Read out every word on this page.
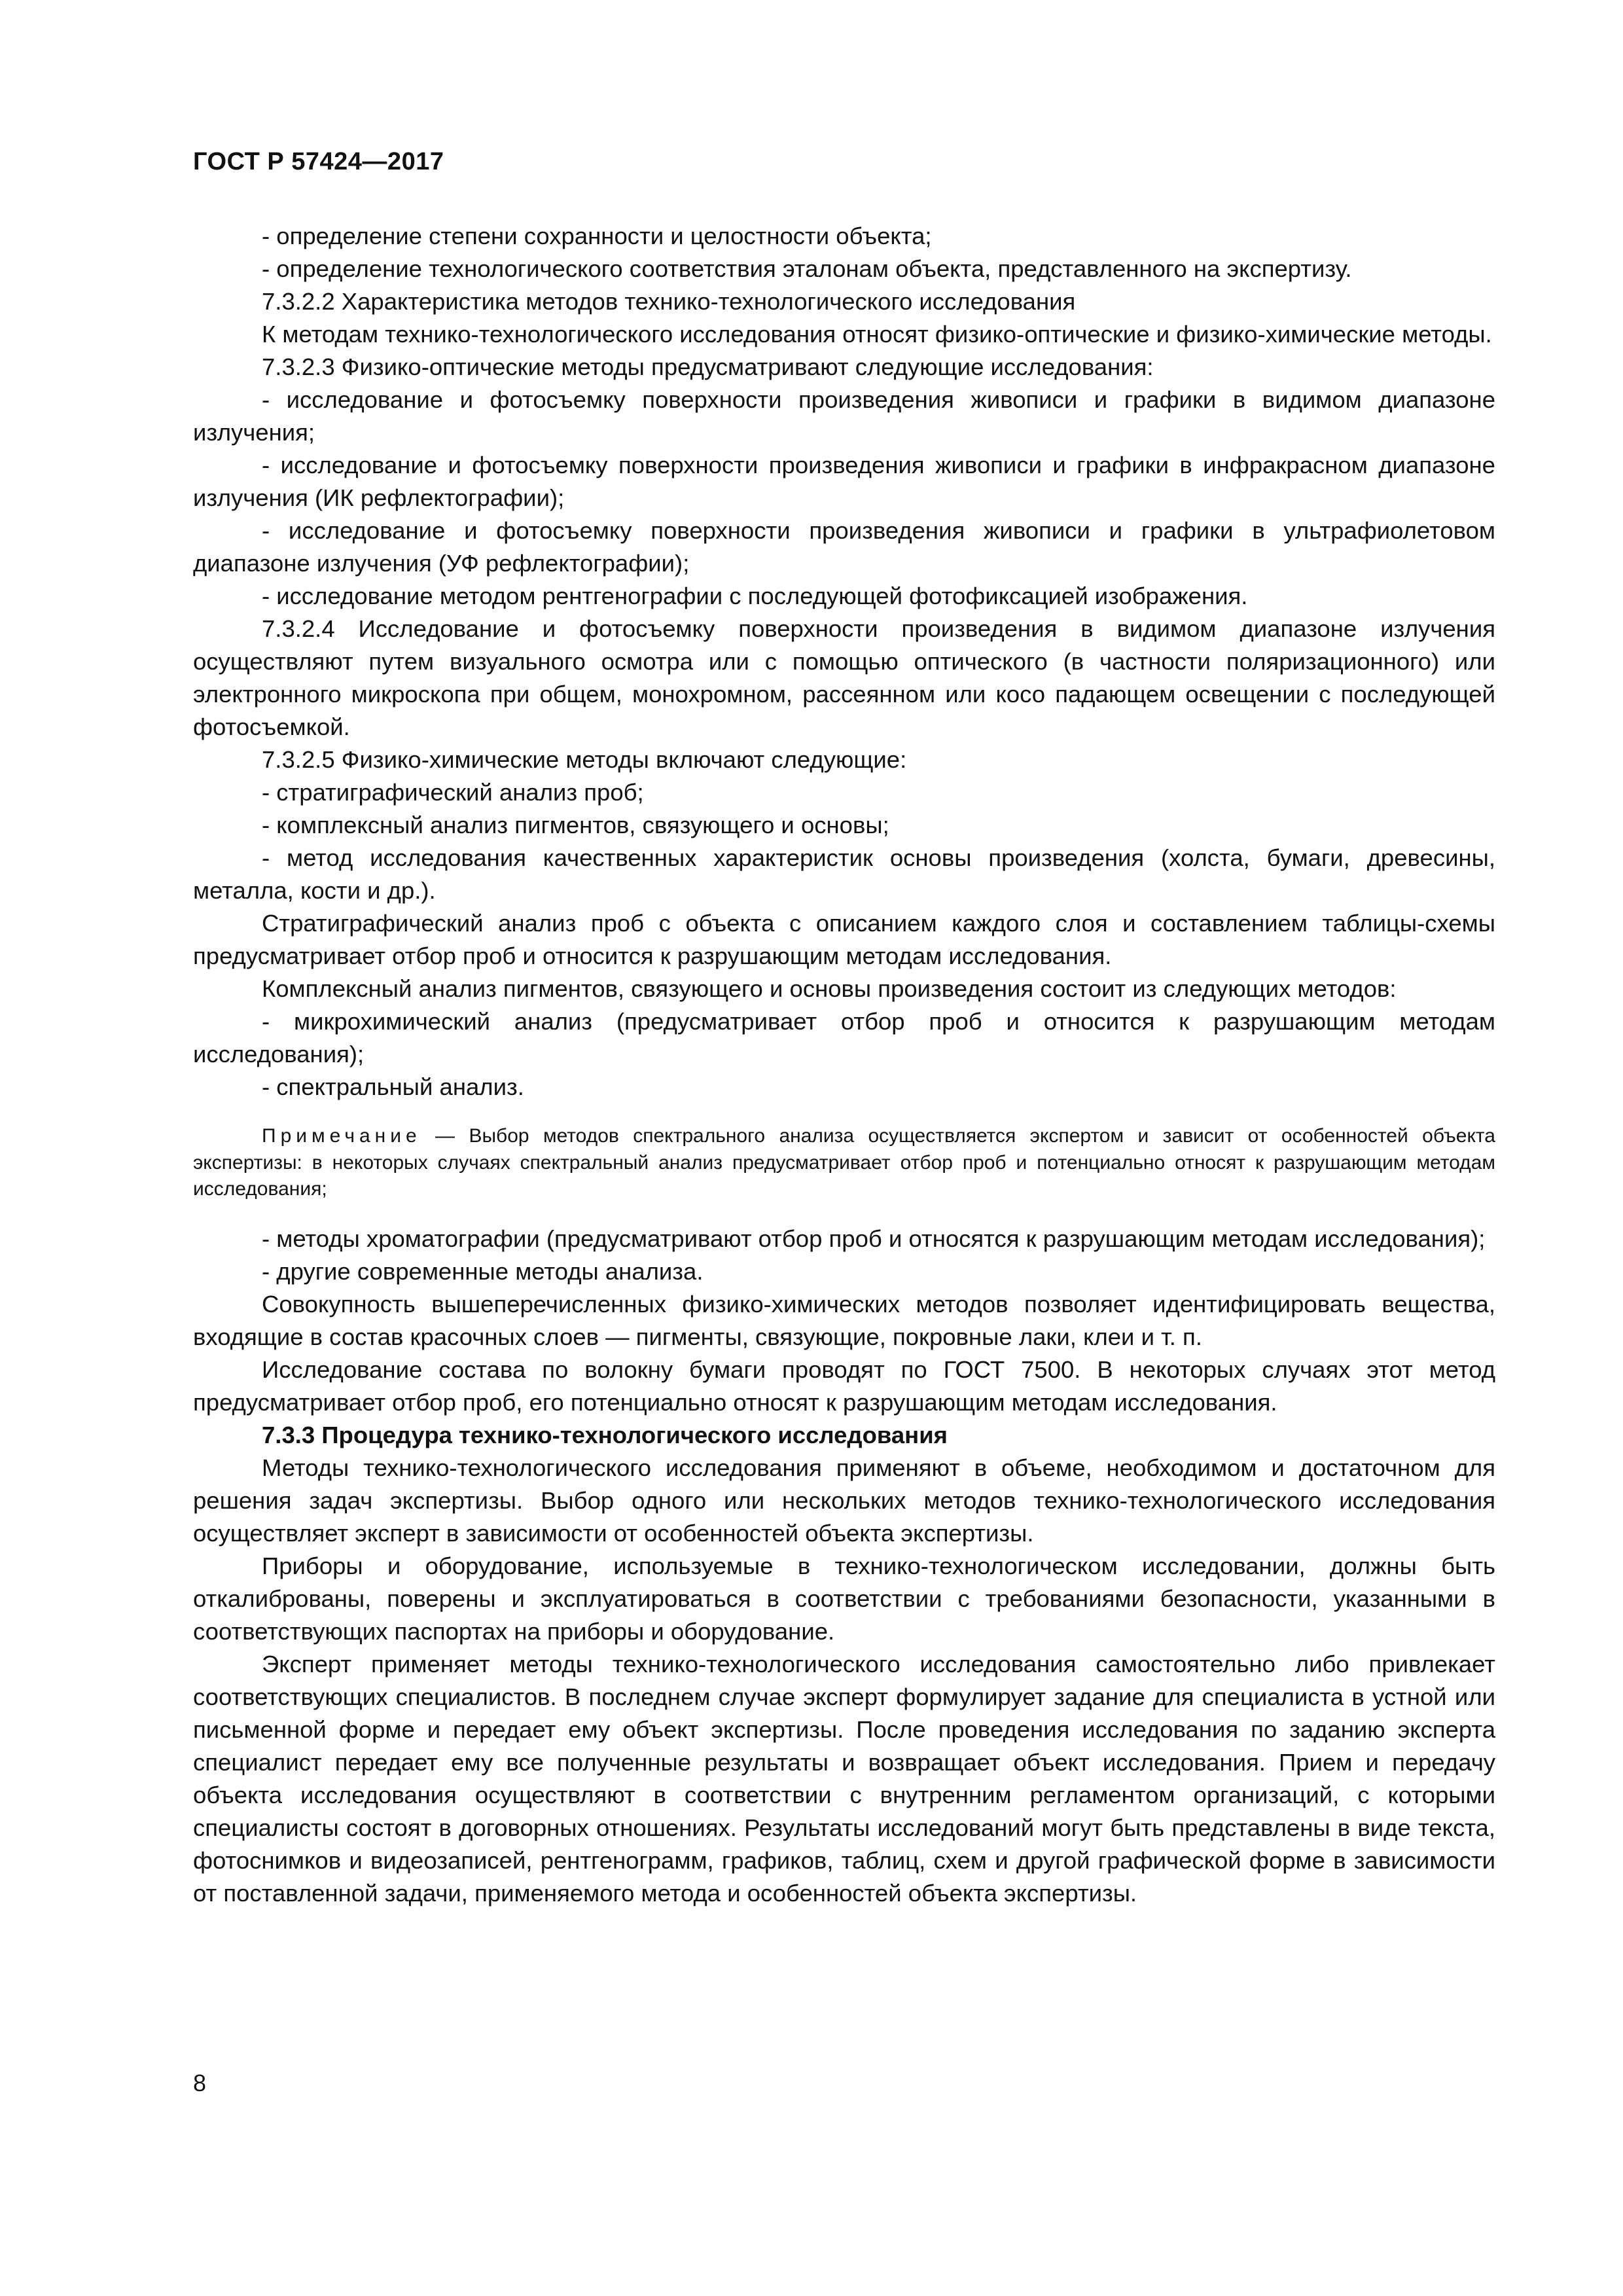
ГОСТ Р 57424—2017

- определение степени сохранности и целостности объекта;

- определение технологического соответствия эталонам объекта, представленного на экспертизу.

7.3.2.2 Характеристика методов технико-технологического исследования

К методам технико-технологического исследования относят физико-оптические и физико-химические методы.

7.3.2.3 Физико-оптические методы предусматривают следующие исследования:

- исследование и фотосъемку поверхности произведения живописи и графики в видимом диапазоне излучения;

- исследование и фотосъемку поверхности произведения живописи и графики в инфракрасном диапазоне излучения (ИК рефлектографии);

- исследование и фотосъемку поверхности произведения живописи и графики в ультрафиолетовом диапазоне излучения (УФ рефлектографии);

- исследование методом рентгенографии с последующей фотофиксацией изображения.

7.3.2.4 Исследование и фотосъемку поверхности произведения в видимом диапазоне излучения осуществляют путем визуального осмотра или с помощью оптического (в частности поляризационного) или электронного микроскопа при общем, монохромном, рассеянном или косо падающем освещении с последующей фотосъемкой.

7.3.2.5 Физико-химические методы включают следующие:

- стратиграфический анализ проб;

- комплексный анализ пигментов, связующего и основы;

- метод исследования качественных характеристик основы произведения (холста, бумаги, древесины, металла, кости и др.).

Стратиграфический анализ проб с объекта с описанием каждого слоя и составлением таблицы-схемы предусматривает отбор проб и относится к разрушающим методам исследования.

Комплексный анализ пигментов, связующего и основы произведения состоит из следующих методов:

- микрохимический анализ (предусматривает отбор проб и относится к разрушающим методам исследования);

- спектральный анализ.

Примечание — Выбор методов спектрального анализа осуществляется экспертом и зависит от особенностей объекта экспертизы: в некоторых случаях спектральный анализ предусматривает отбор проб и потенциально относят к разрушающим методам исследования;

- методы хроматографии (предусматривают отбор проб и относятся к разрушающим методам исследования);

- другие современные методы анализа.

Совокупность вышеперечисленных физико-химических методов позволяет идентифицировать вещества, входящие в состав красочных слоев — пигменты, связующие, покровные лаки, клеи и т. п.

Исследование состава по волокну бумаги проводят по ГОСТ 7500. В некоторых случаях этот метод предусматривает отбор проб, его потенциально относят к разрушающим методам исследования.

7.3.3 Процедура технико-технологического исследования

Методы технико-технологического исследования применяют в объеме, необходимом и достаточном для решения задач экспертизы. Выбор одного или нескольких методов технико-технологического исследования осуществляет эксперт в зависимости от особенностей объекта экспертизы.

Приборы и оборудование, используемые в технико-технологическом исследовании, должны быть откалиброваны, поверены и эксплуатироваться в соответствии с требованиями безопасности, указанными в соответствующих паспортах на приборы и оборудование.

Эксперт применяет методы технико-технологического исследования самостоятельно либо привлекает соответствующих специалистов. В последнем случае эксперт формулирует задание для специалиста в устной или письменной форме и передает ему объект экспертизы. После проведения исследования по заданию эксперта специалист передает ему все полученные результаты и возвращает объект исследования. Прием и передачу объекта исследования осуществляют в соответствии с внутренним регламентом организаций, с которыми специалисты состоят в договорных отношениях. Результаты исследований могут быть представлены в виде текста, фотоснимков и видеозаписей, рентгенограмм, графиков, таблиц, схем и другой графической форме в зависимости от поставленной задачи, применяемого метода и особенностей объекта экспертизы.

8
